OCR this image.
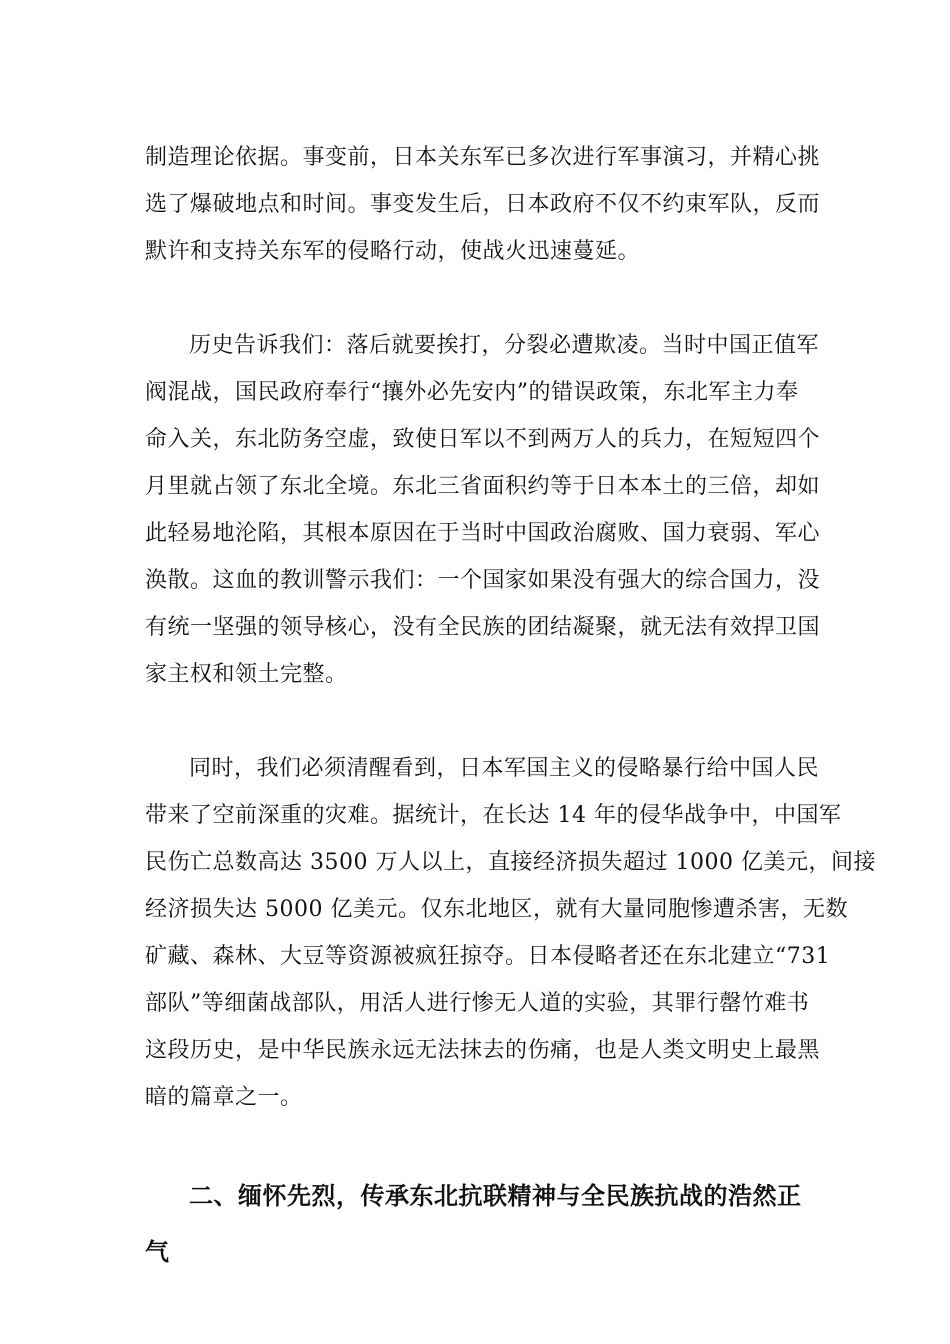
制造理论依据。事变前，日本关东军已多次进行军事演习，并精心挑
选了爆破地点和时间。事变发生后，日本政府不仅不约束军队，反而
默许和支持关东军的侵略行动，使战火迅速蔓延。

历史告诉我们：落后就要挨打，分裂必遭欺凌。当时中国正值军
阀混战，国民政府奉行“攘外必先安内”的错误政策，东北军主力奉
命入关，东北防务空虚，致使日军以不到两万人的兵力，在短短四个
月里就占领了东北全境。东北三省面积约等于日本本土的三倍，却如
此轻易地沦陷，其根本原因在于当时中国政治腐败、国力衰弱、军心
涣散。这血的教训警示我们：一个国家如果没有强大的综合国力，没
有统一坚强的领导核心，没有全民族的团结凝聚，就无法有效捍卫国
家主权和领土完整。

同时，我们必须清醒看到，日本军国主义的侵略暴行给中国人民
带来了空前深重的灾难。据统计，在长达 14 年的侵华战争中，中国军
民伤亡总数高达 3500 万人以上，直接经济损失超过 1000 亿美元，间接
经济损失达 5000 亿美元。仅东北地区，就有大量同胞惨遭杀害，无数
矿藏、森林、大豆等资源被疯狂掠夺。日本侵略者还在东北建立“731
部队”等细菌战部队，用活人进行惨无人道的实验，其罪行罄竹难书
这段历史，是中华民族永远无法抹去的伤痛，也是人类文明史上最黑
暗的篇章之一。

二、缅怀先烈，传承东北抗联精神与全民族抗战的浩然正
气
